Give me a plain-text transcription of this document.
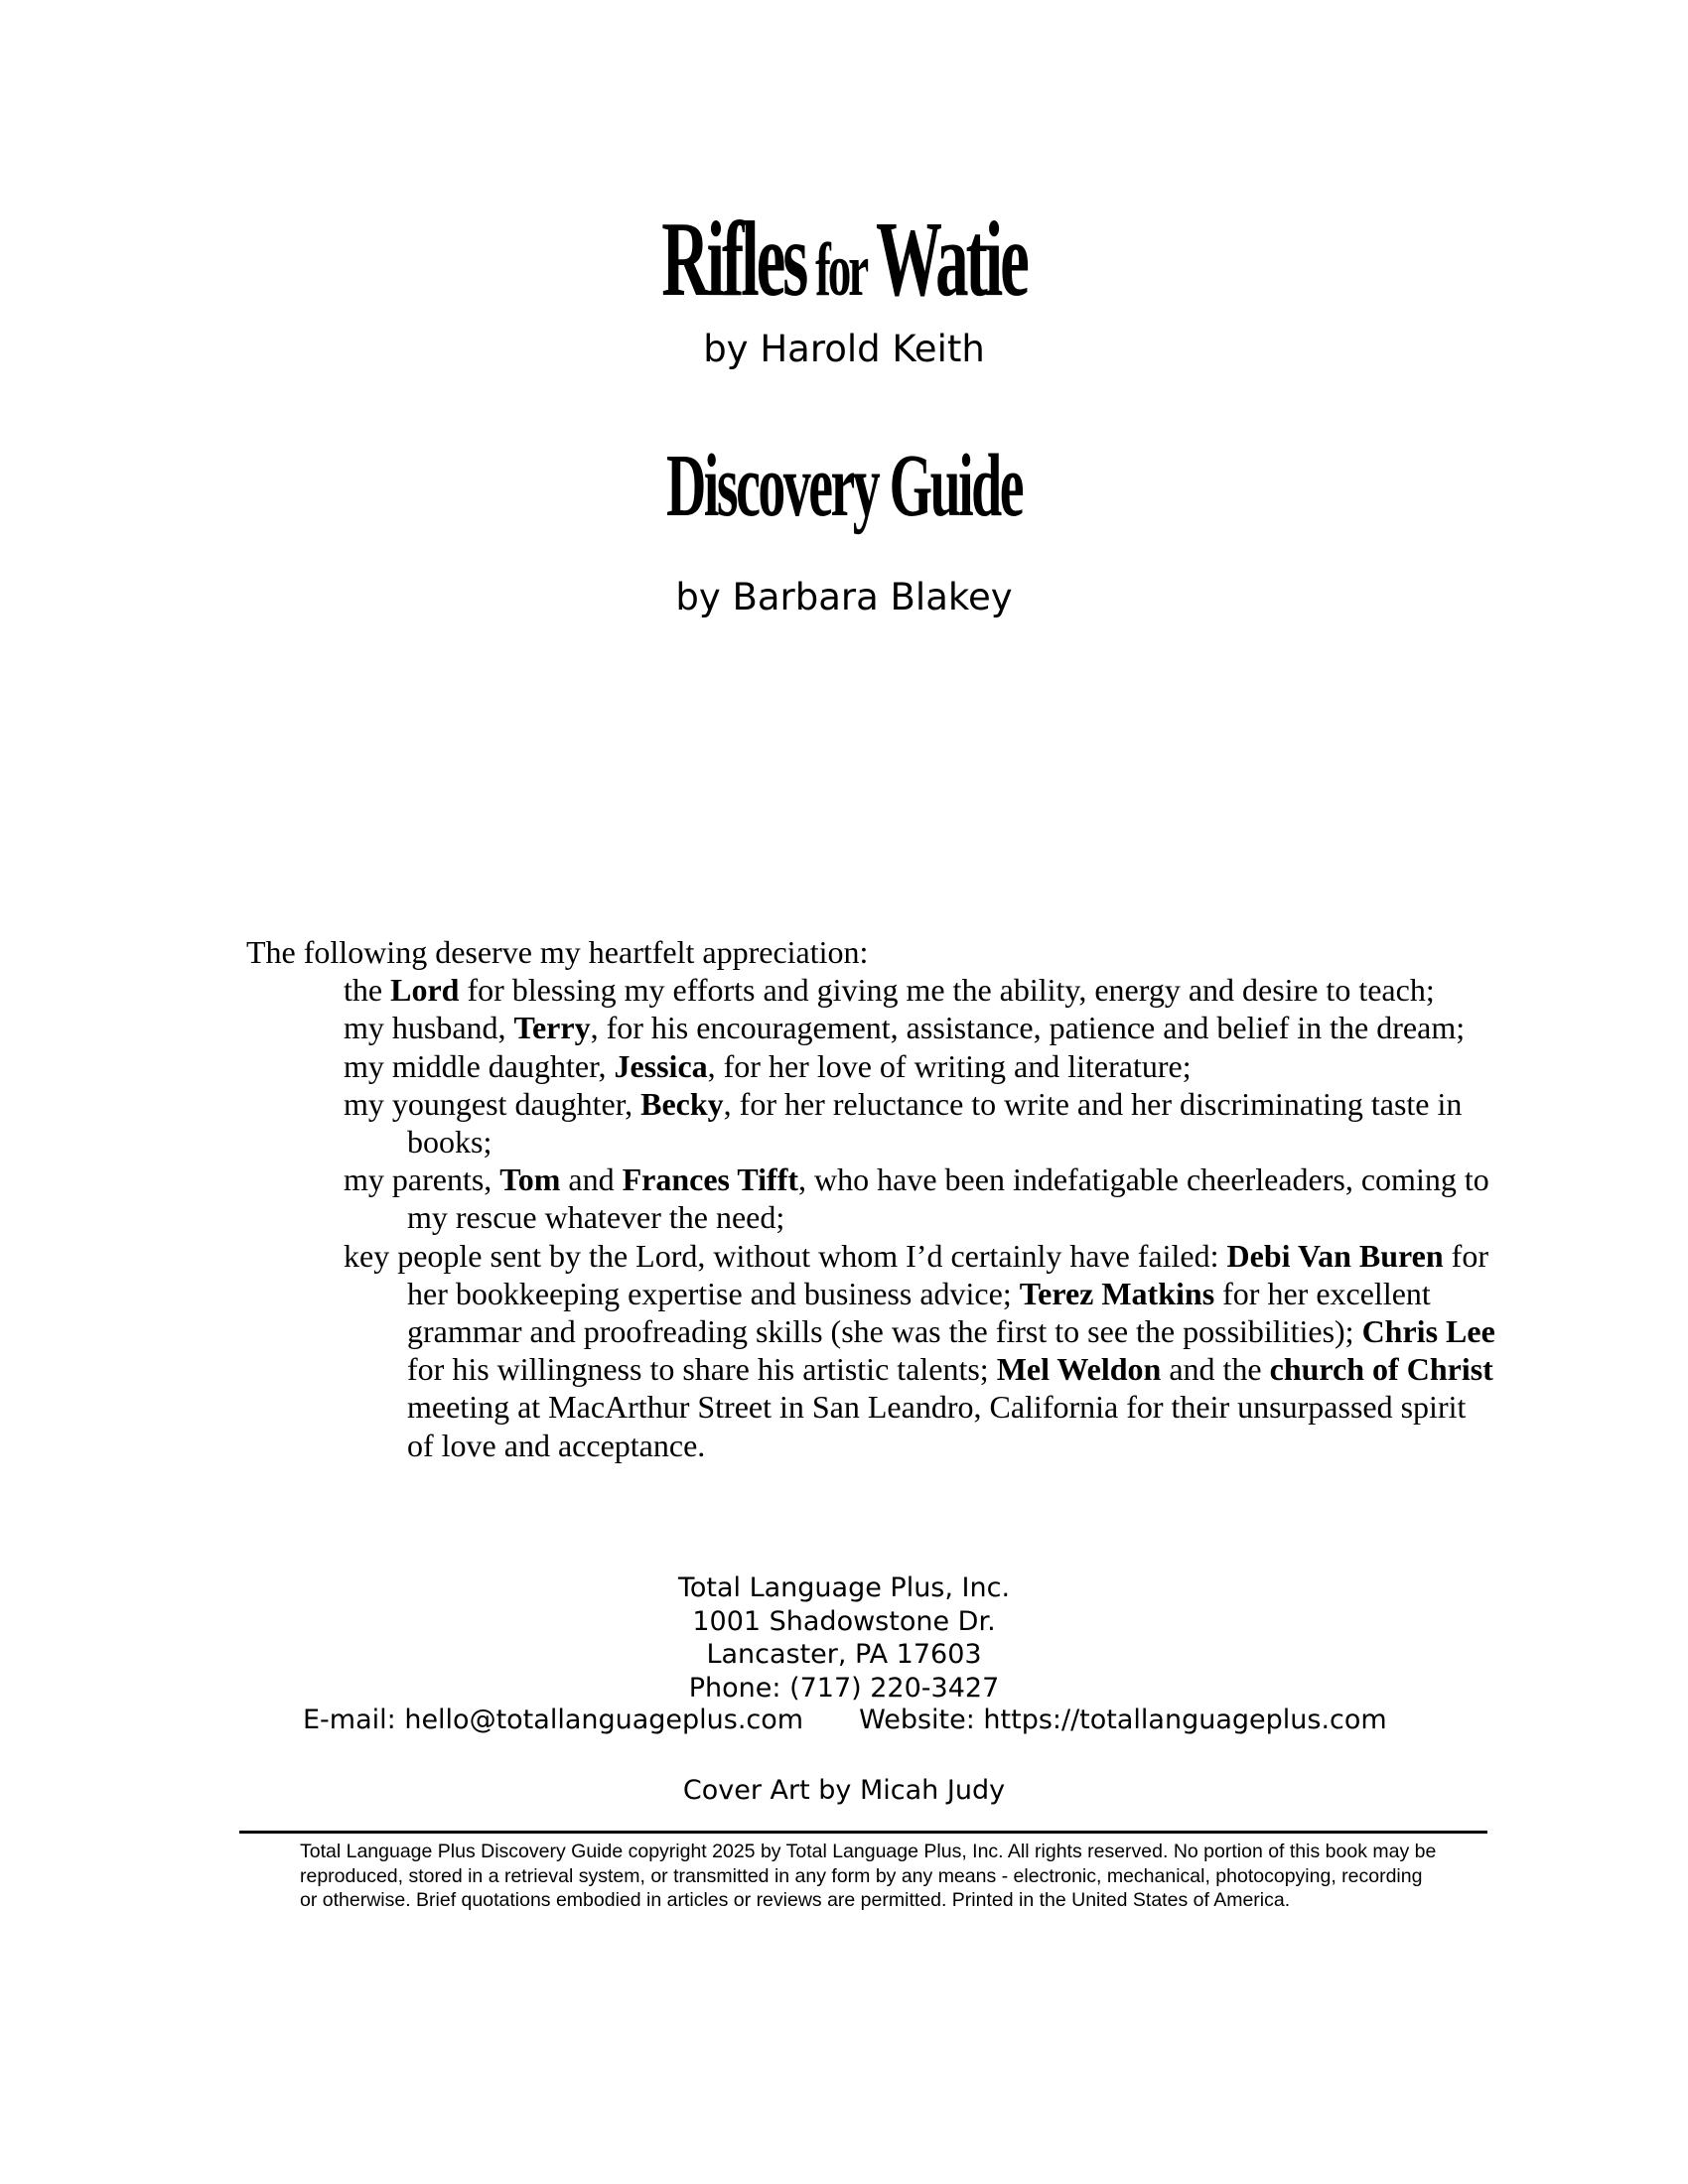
Rifles forWatie
by Harold Keith
Discovery Guide
by Barbara Blakey

The following deserve my heartfelt appreciation:

the Lord for blessing my efforts and giving me the ability, energy and desire to teach;
my husband, Terry, for his encouragement, assistance, patience and belief in the dream;
my middle daughter, Jessica, for her love of writing and literature;
my youngest daughter, Becky, for her reluctance to write and her discriminating taste in books;
my parents, Tom and Frances Tifft, who have been indefatigable cheerleaders, coming to my rescue whatever the need;
key people sent by the Lord, without whom I’d certainly have failed: Debi Van Buren for her bookkeeping expertise and business advice; Terez Matkins for her excellent grammar and proofreading skills (she was the first to see the possibilities); Chris Lee for his willingness to share his artistic talents; Mel Weldon and the church of Christ meeting at MacArthur Street in San Leandro, California for their unsurpassed spirit of love and acceptance.
Total Language Plus, Inc.
1001 Shadowstone Dr.
Lancaster, PA 17603
Phone: (717) 220-3427
E-mail: hello@totallanguageplus.com Website: https://totallanguageplus.com
Cover Art by Micah Judy
Total Language Plus Discovery Guide copyright 2025 by Total Language Plus, Inc. All rights reserved. No portion of this book may be reproduced, stored in a retrieval system, or transmitted in any form by any means - electronic, mechanical, photocopying, recording or otherwise. Brief quotations embodied in articles or reviews are permitted. Printed in the United States of America.
